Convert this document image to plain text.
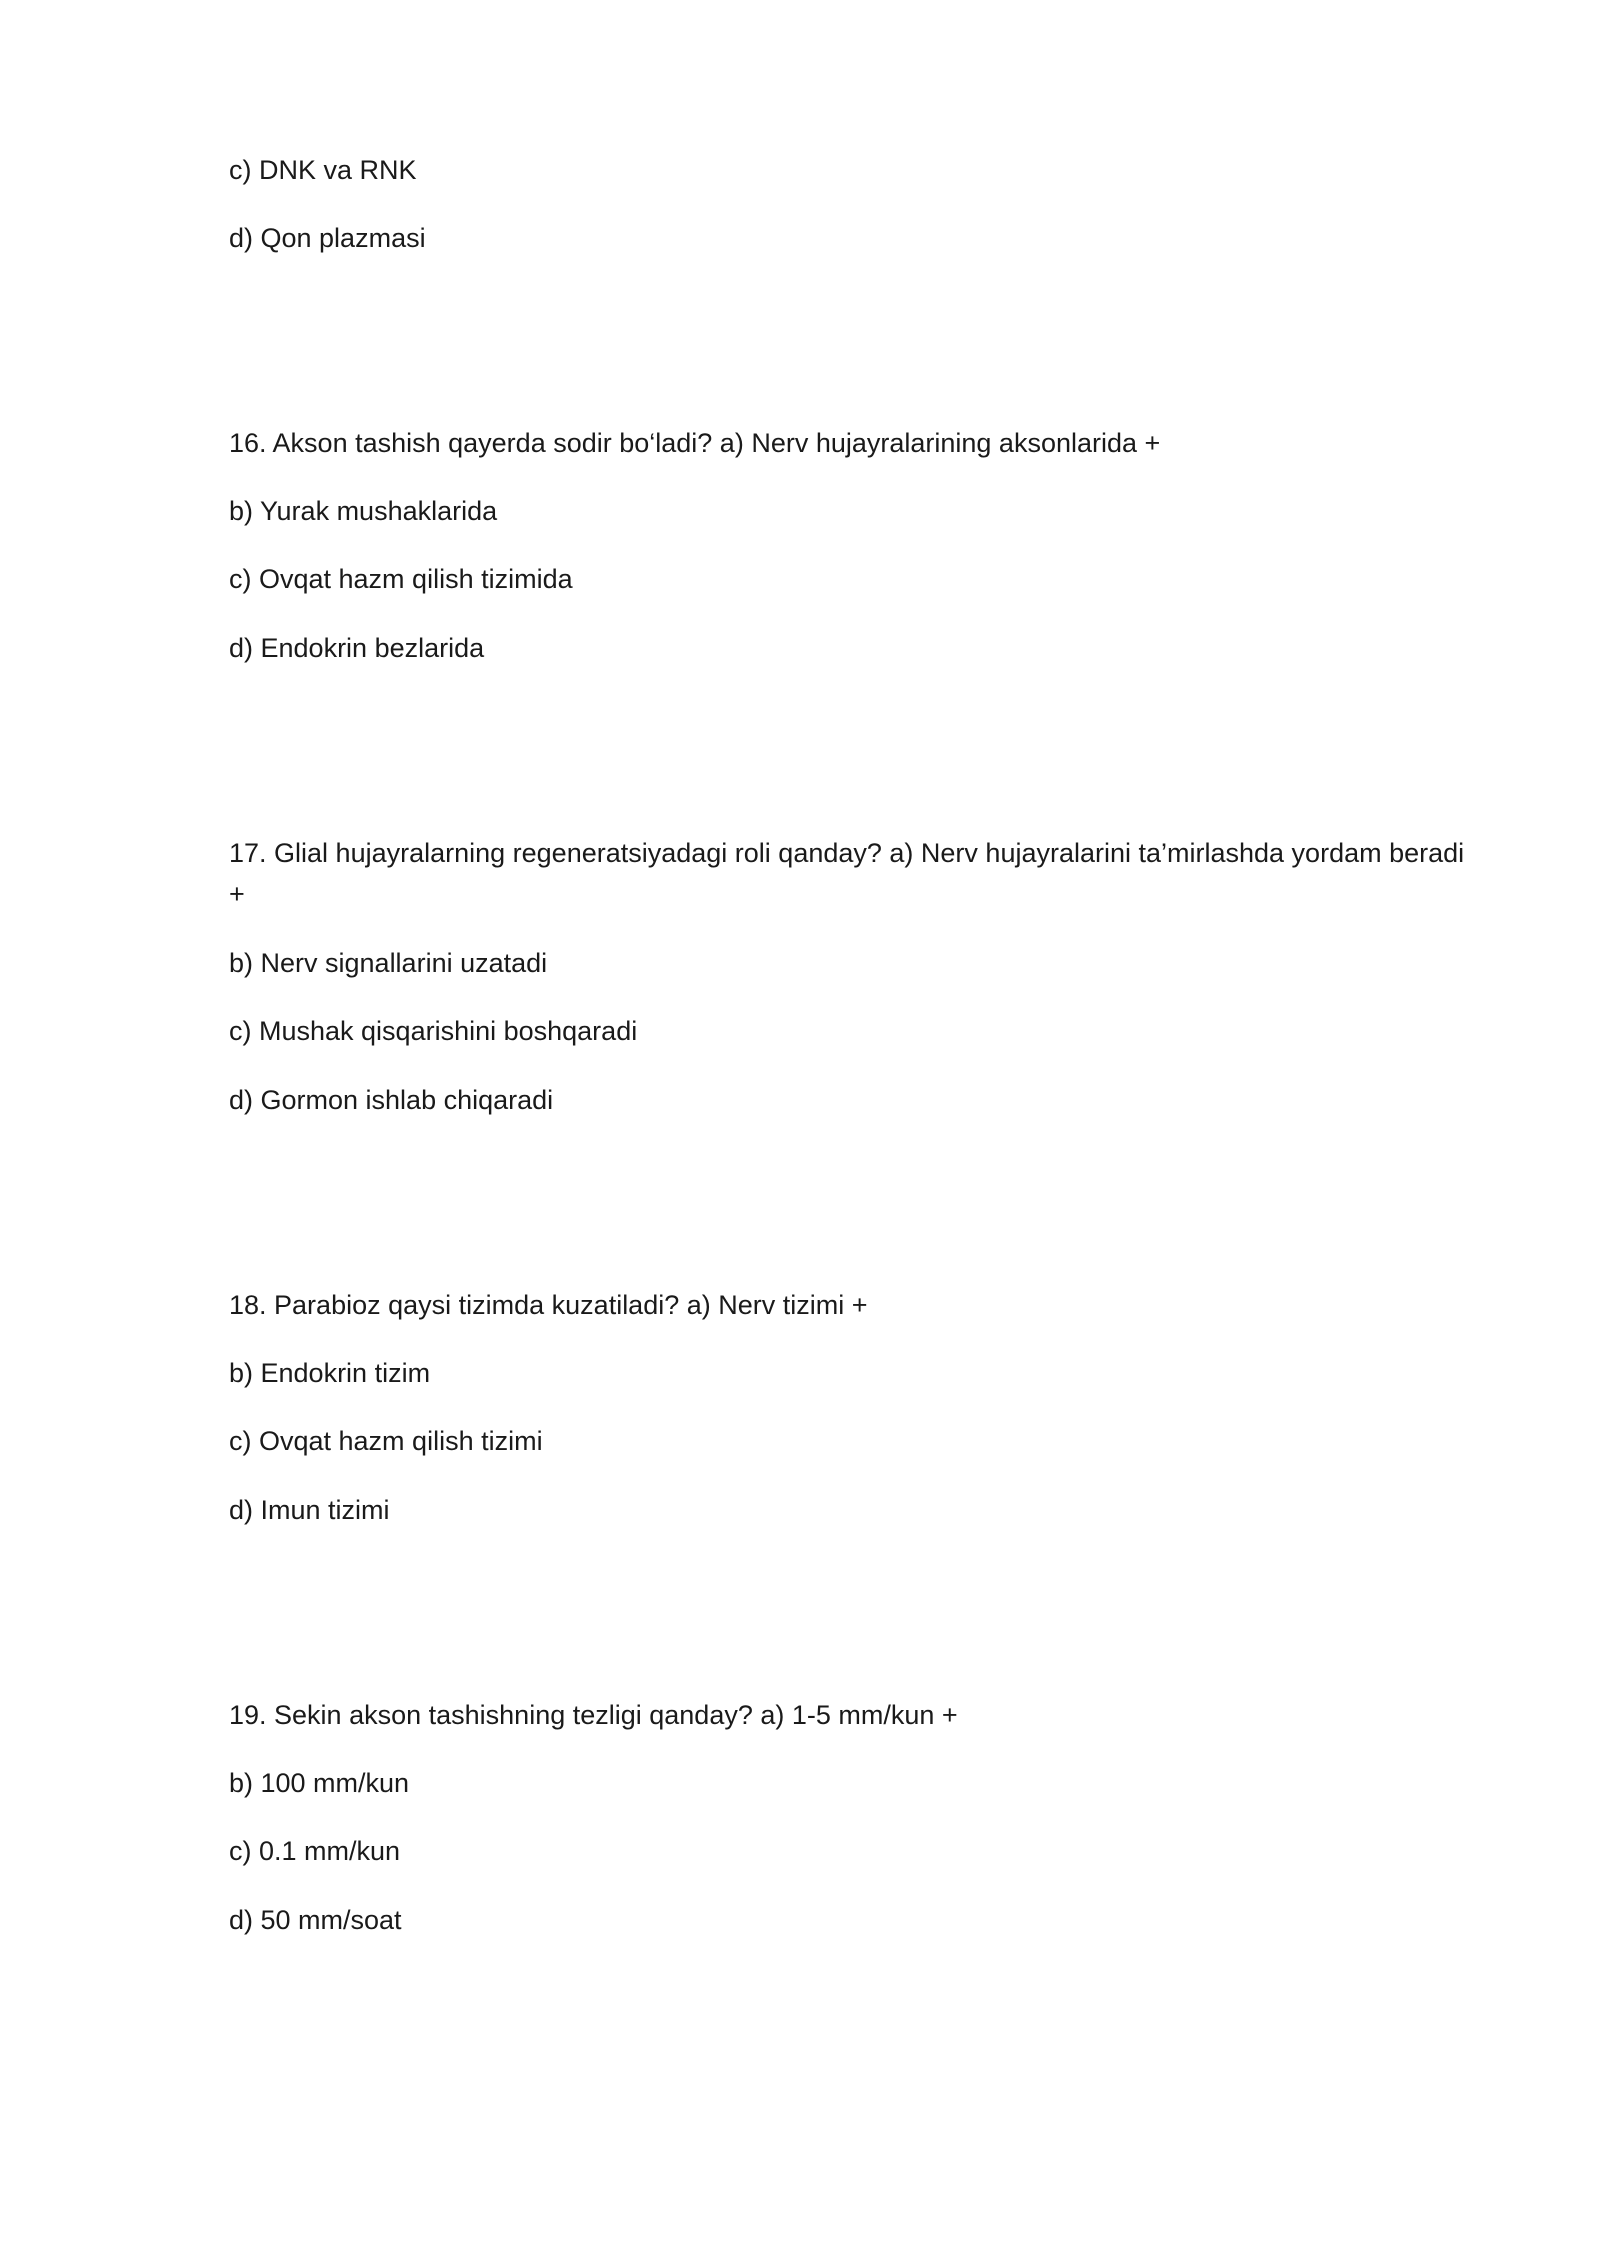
c) DNK va RNK

d) Qon plazmasi

16. Akson tashish qayerda sodir bo‘ladi? a) Nerv hujayralarining aksonlarida +

b) Yurak mushaklarida

c) Ovqat hazm qilish tizimida

d) Endokrin bezlarida

17. Glial hujayralarning regeneratsiyadagi roli qanday? a) Nerv hujayralarini ta’mirlashda yordam beradi +

b) Nerv signallarini uzatadi

c) Mushak qisqarishini boshqaradi

d) Gormon ishlab chiqaradi

18. Parabioz qaysi tizimda kuzatiladi? a) Nerv tizimi +

b) Endokrin tizim

c) Ovqat hazm qilish tizimi

d) Imun tizimi

19. Sekin akson tashishning tezligi qanday? a) 1-5 mm/kun +

b) 100 mm/kun

c) 0.1 mm/kun

d) 50 mm/soat
